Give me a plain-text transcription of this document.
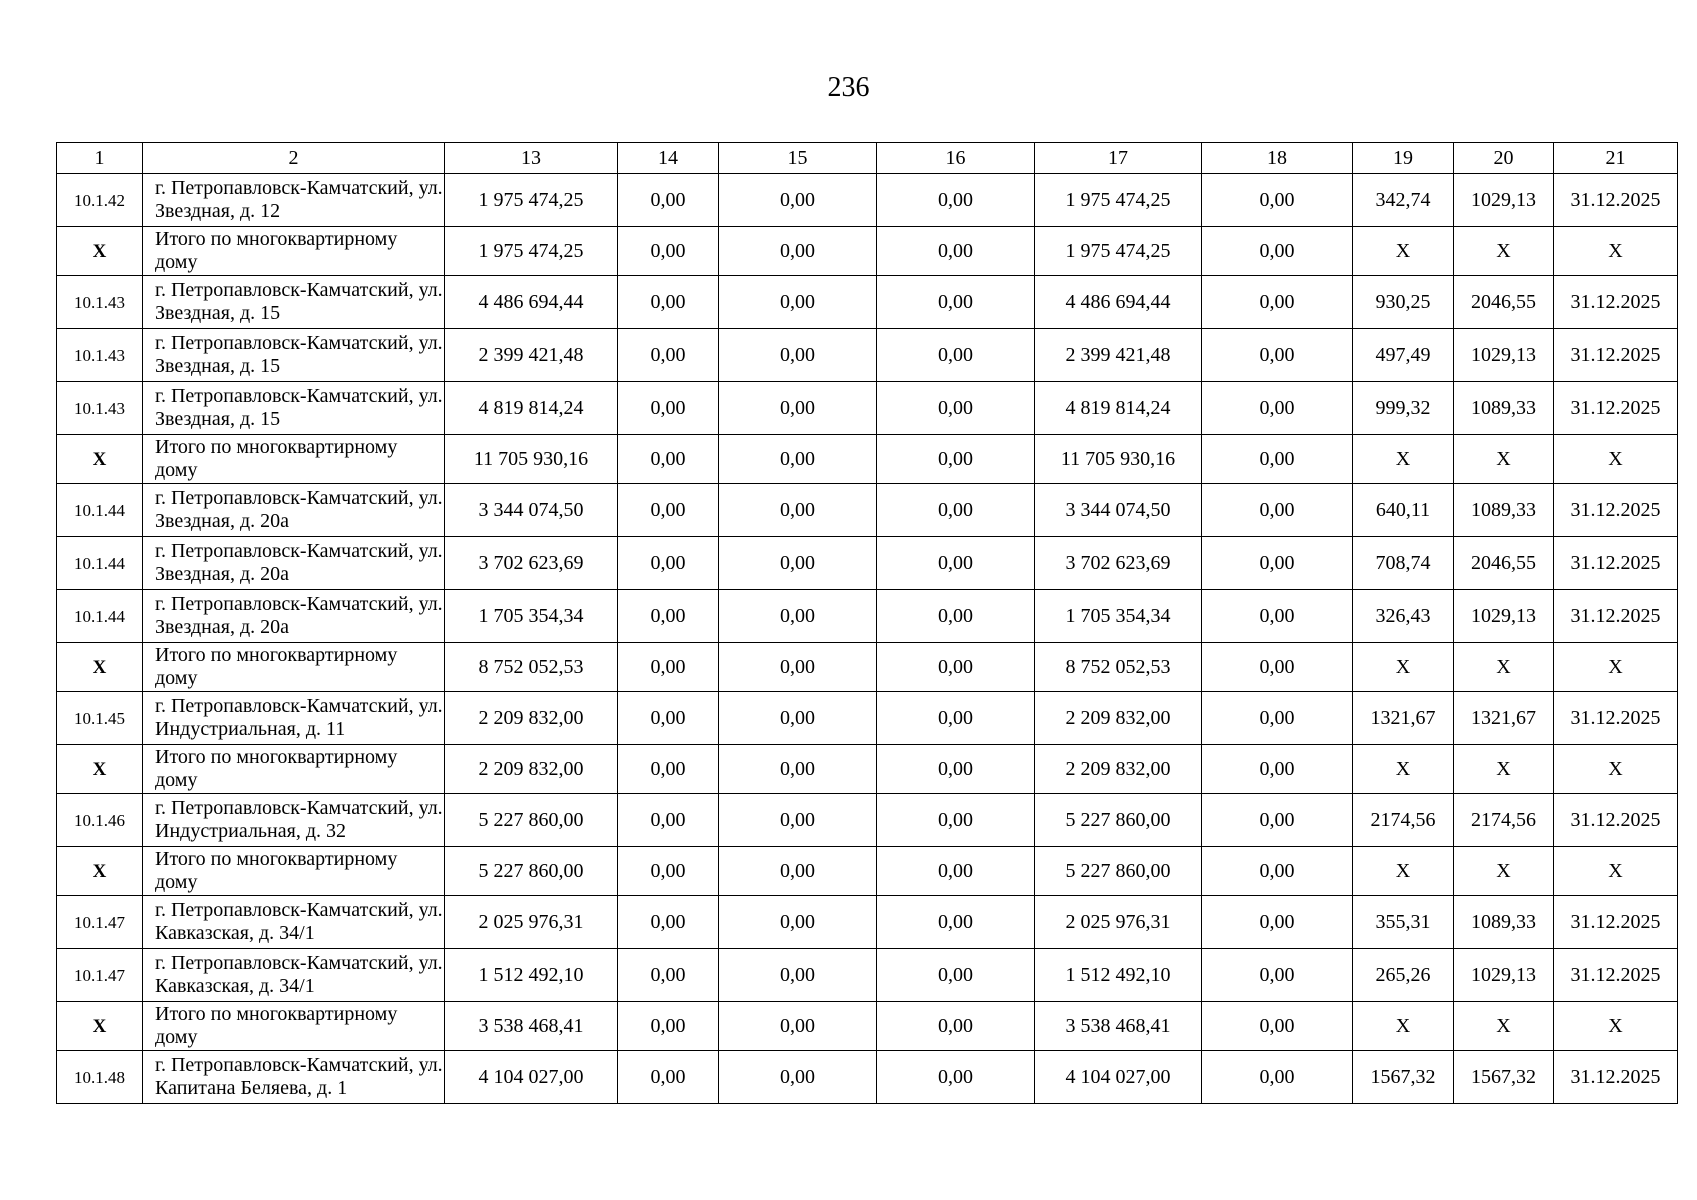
236
1	2	13	14	15	16	17	18	19	20	21
10.1.42	г. Петропавловск-Камчатский, ул. Звездная, д. 12	1 975 474,25	0,00	0,00	0,00	1 975 474,25	0,00	342,74	1029,13	31.12.2025
X	Итого по многоквартирному дому	1 975 474,25	0,00	0,00	0,00	1 975 474,25	0,00	X	X	X
10.1.43	г. Петропавловск-Камчатский, ул. Звездная, д. 15	4 486 694,44	0,00	0,00	0,00	4 486 694,44	0,00	930,25	2046,55	31.12.2025
10.1.43	г. Петропавловск-Камчатский, ул. Звездная, д. 15	2 399 421,48	0,00	0,00	0,00	2 399 421,48	0,00	497,49	1029,13	31.12.2025
10.1.43	г. Петропавловск-Камчатский, ул. Звездная, д. 15	4 819 814,24	0,00	0,00	0,00	4 819 814,24	0,00	999,32	1089,33	31.12.2025
X	Итого по многоквартирному дому	11 705 930,16	0,00	0,00	0,00	11 705 930,16	0,00	X	X	X
10.1.44	г. Петропавловск-Камчатский, ул. Звездная, д. 20а	3 344 074,50	0,00	0,00	0,00	3 344 074,50	0,00	640,11	1089,33	31.12.2025
10.1.44	г. Петропавловск-Камчатский, ул. Звездная, д. 20а	3 702 623,69	0,00	0,00	0,00	3 702 623,69	0,00	708,74	2046,55	31.12.2025
10.1.44	г. Петропавловск-Камчатский, ул. Звездная, д. 20а	1 705 354,34	0,00	0,00	0,00	1 705 354,34	0,00	326,43	1029,13	31.12.2025
X	Итого по многоквартирному дому	8 752 052,53	0,00	0,00	0,00	8 752 052,53	0,00	X	X	X
10.1.45	г. Петропавловск-Камчатский, ул. Индустриальная, д. 11	2 209 832,00	0,00	0,00	0,00	2 209 832,00	0,00	1321,67	1321,67	31.12.2025
X	Итого по многоквартирному дому	2 209 832,00	0,00	0,00	0,00	2 209 832,00	0,00	X	X	X
10.1.46	г. Петропавловск-Камчатский, ул. Индустриальная, д. 32	5 227 860,00	0,00	0,00	0,00	5 227 860,00	0,00	2174,56	2174,56	31.12.2025
X	Итого по многоквартирному дому	5 227 860,00	0,00	0,00	0,00	5 227 860,00	0,00	X	X	X
10.1.47	г. Петропавловск-Камчатский, ул. Кавказская, д. 34/1	2 025 976,31	0,00	0,00	0,00	2 025 976,31	0,00	355,31	1089,33	31.12.2025
10.1.47	г. Петропавловск-Камчатский, ул. Кавказская, д. 34/1	1 512 492,10	0,00	0,00	0,00	1 512 492,10	0,00	265,26	1029,13	31.12.2025
X	Итого по многоквартирному дому	3 538 468,41	0,00	0,00	0,00	3 538 468,41	0,00	X	X	X
10.1.48	г. Петропавловск-Камчатский, ул. Капитана Беляева, д. 1	4 104 027,00	0,00	0,00	0,00	4 104 027,00	0,00	1567,32	1567,32	31.12.2025
